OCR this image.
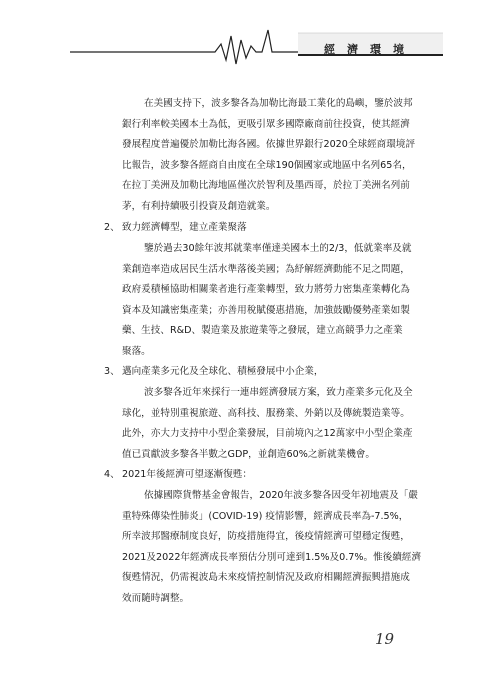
經濟環境
在美國支持下，波多黎各為加勒比海最工業化的島嶼，鑒於波邦
銀行利率較美國本土為低，更吸引眾多國際廠商前往投資，使其經濟
發展程度普遍優於加勒比海各國。依據世界銀行2020全球經商環境評
比報告，波多黎各經商自由度在全球190個國家或地區中名列65名，
在拉丁美洲及加勒比海地區僅次於智利及墨西哥，於拉丁美洲名列前
茅，有利持續吸引投資及創造就業。
2、 致力經濟轉型，建立產業聚落
鑒於過去30餘年波邦就業率僅達美國本土的2/3，低就業率及就
業創造率造成居民生活水準落後美國；為紓解經濟動能不足之問題，
政府爰積極協助相關業者進行產業轉型，致力將勞力密集產業轉化為
資本及知識密集產業；亦善用稅賦優惠措施，加強鼓勵優勢產業如製
藥、生技、R&D、製造業及旅遊業等之發展，建立高競爭力之產業
聚落。
3、 邁向產業多元化及全球化、積極發展中小企業，
波多黎各近年來採行一連串經濟發展方案，致力產業多元化及全
球化，並特別重視旅遊、高科技、服務業、外銷以及傳統製造業等。
此外，亦大力支持中小型企業發展，目前境內之12萬家中小型企業產
值已貢獻波多黎各半數之GDP，並創造60%之新就業機會。
4、 2021年後經濟可望逐漸復甦：
依據國際貨幣基金會報告，2020年波多黎各因受年初地震及「嚴
重特殊傳染性肺炎」(COVID-19) 疫情影響，經濟成長率為-7.5%，
所幸波邦醫療制度良好，防疫措施得宜，後疫情經濟可望穩定復甦，
2021及2022年經濟成長率預估分別可達到1.5%及0.7%。惟後續經濟
復甦情況，仍需視波島未來疫情控制情況及政府相關經濟振興措施成
效而隨時調整。
19
